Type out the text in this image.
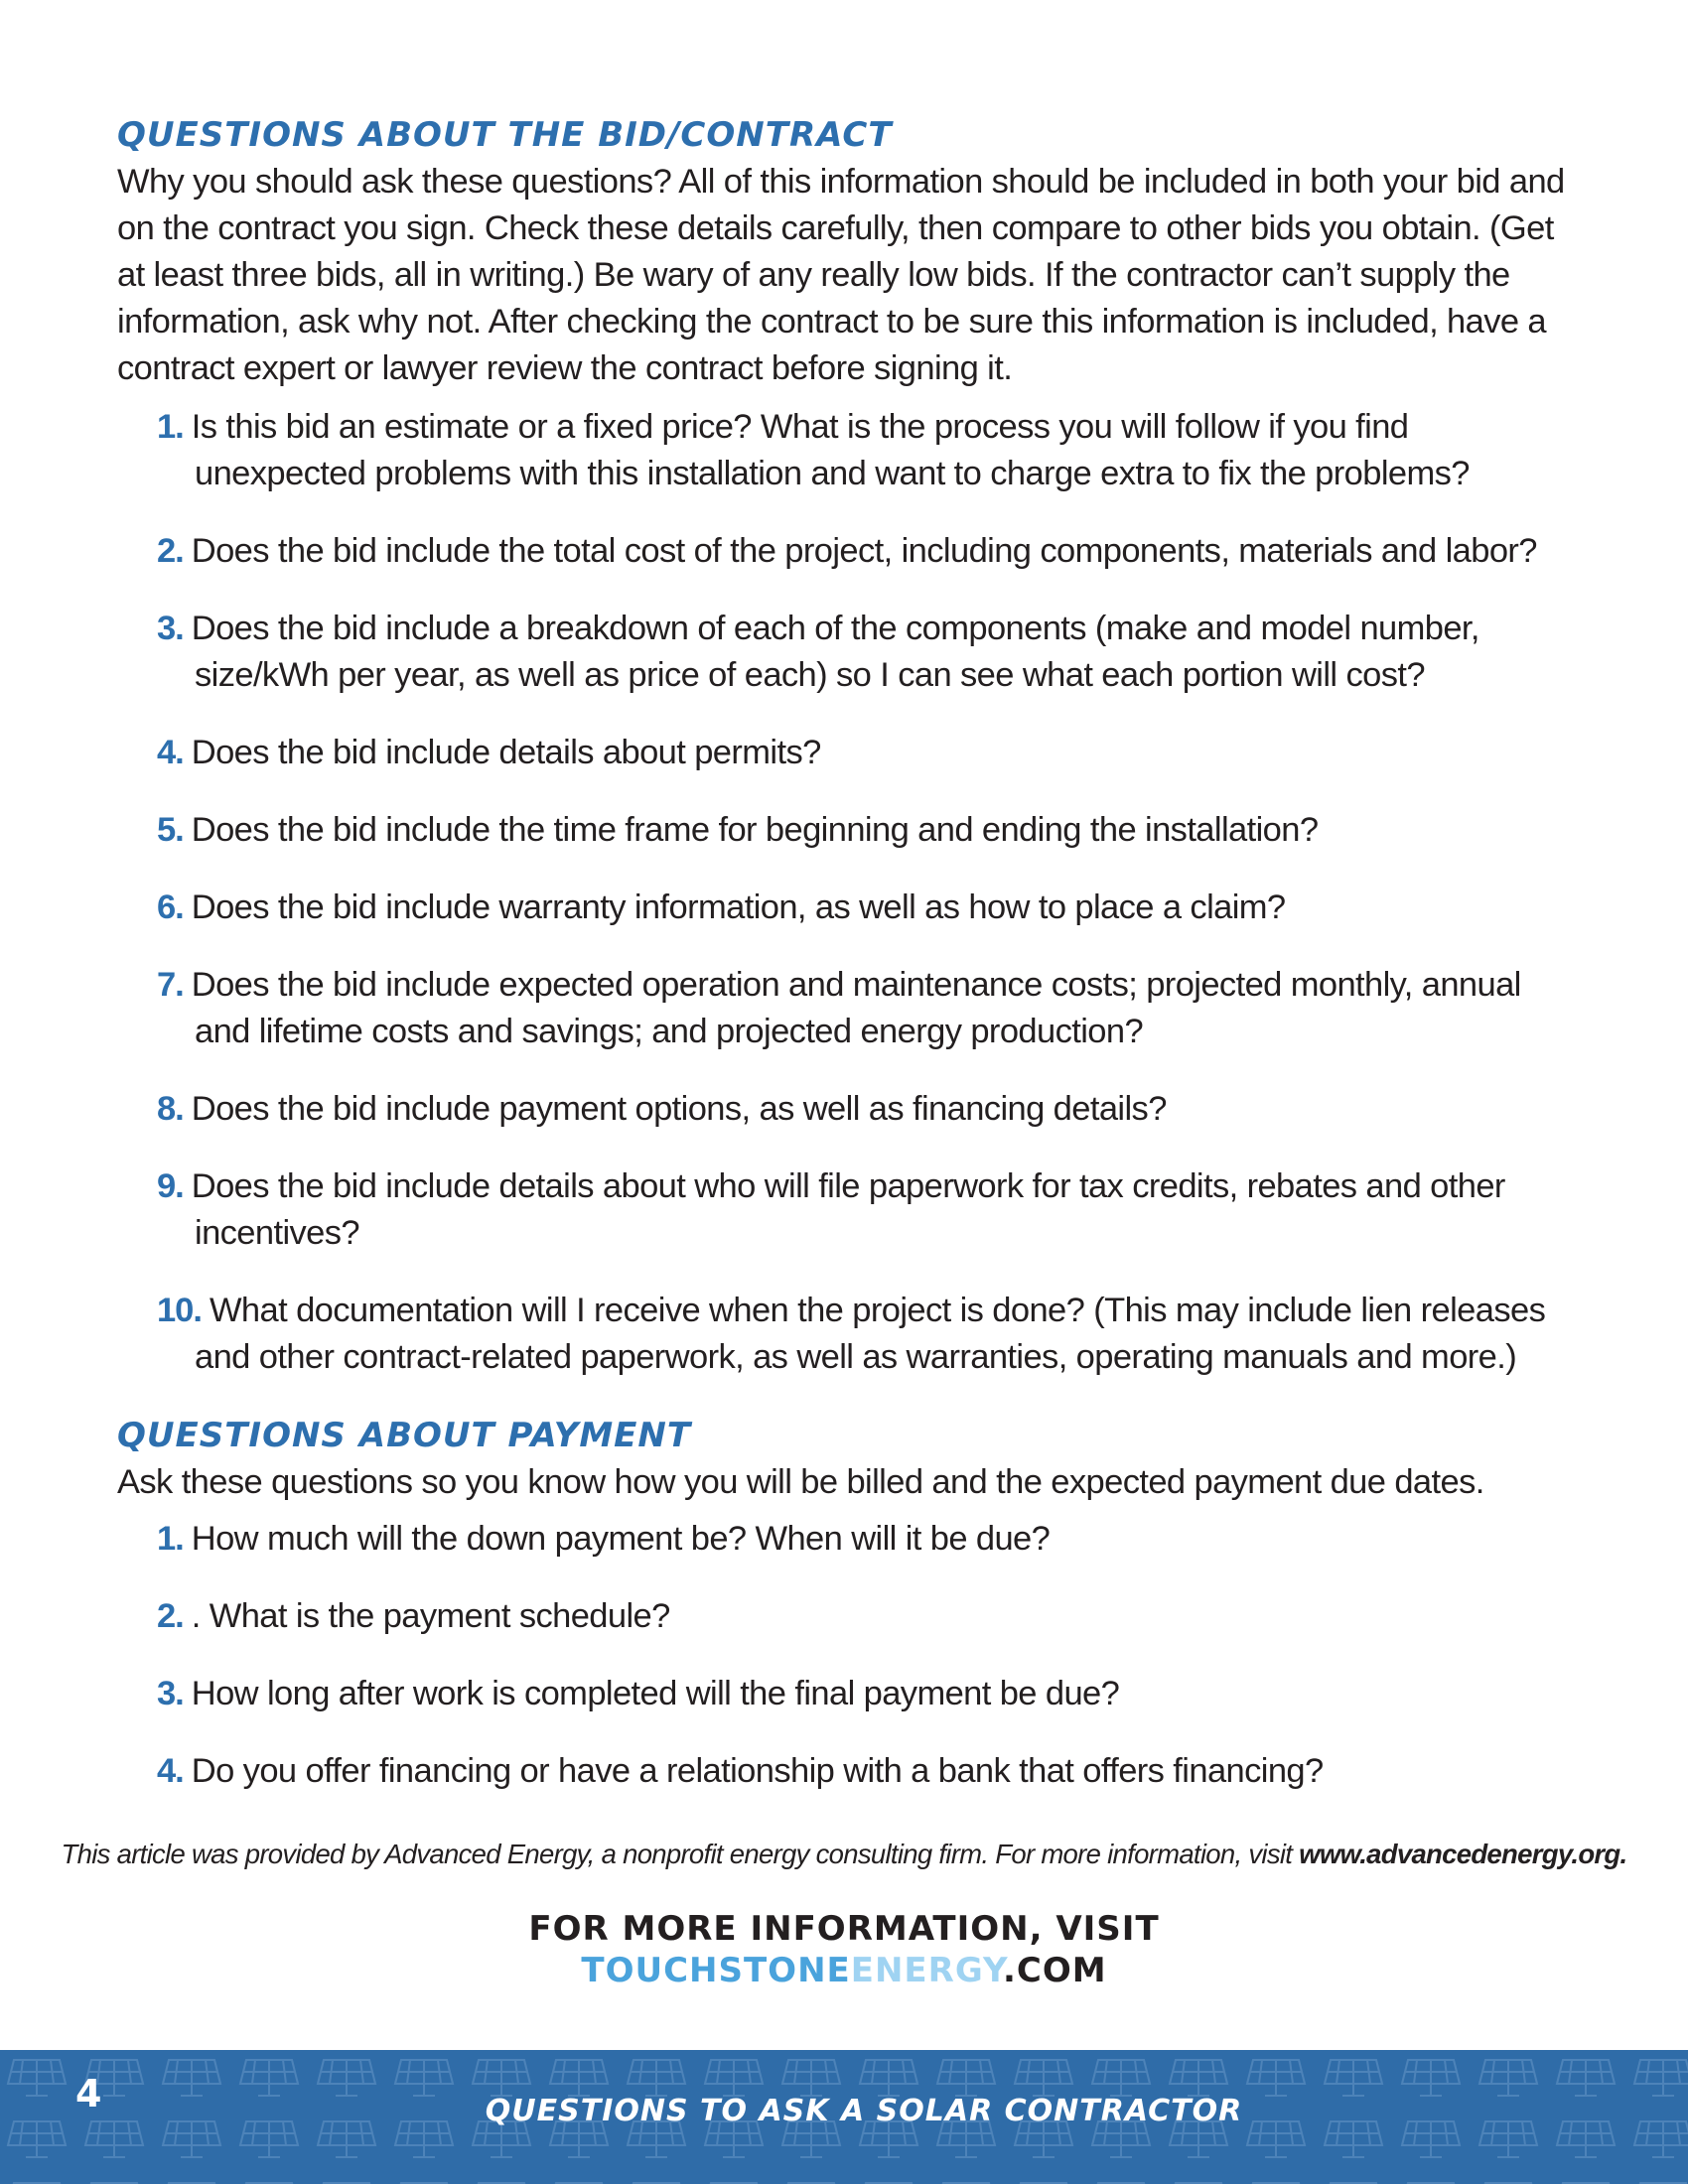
QUESTIONS ABOUT THE BID/CONTRACT

Why you should ask these questions? All of this information should be included in both your bid and on the contract you sign. Check these details carefully, then compare to other bids you obtain. (Get at least three bids, all in writing.) Be wary of any really low bids. If the contractor can’t supply the information, ask why not. After checking the contract to be sure this information is included, have a contract expert or lawyer review the contract before signing it.

1. Is this bid an estimate or a fixed price? What is the process you will follow if you find unexpected problems with this installation and want to charge extra to fix the problems?
2. Does the bid include the total cost of the project, including components, materials and labor?
3. Does the bid include a breakdown of each of the components (make and model number, size/kWh per year, as well as price of each) so I can see what each portion will cost?
4. Does the bid include details about permits?
5. Does the bid include the time frame for beginning and ending the installation?
6. Does the bid include warranty information, as well as how to place a claim?
7. Does the bid include expected operation and maintenance costs; projected monthly, annual and lifetime costs and savings; and projected energy production?
8. Does the bid include payment options, as well as financing details?
9. Does the bid include details about who will file paperwork for tax credits, rebates and other incentives?
10. What documentation will I receive when the project is done? (This may include lien releases and other contract-related paperwork, as well as warranties, operating manuals and more.)
QUESTIONS ABOUT PAYMENT

Ask these questions so you know how you will be billed and the expected payment due dates.

1. How much will the down payment be? When will it be due?
2. . What is the payment schedule?
3. How long after work is completed will the final payment be due?
4. Do you offer financing or have a relationship with a bank that offers financing?
This article was provided by Advanced Energy, a nonprofit energy consulting firm. For more information, visit www.advancedenergy.org.
FOR MORE INFORMATION, VISIT
TOUCHSTONEENERGY.COM
4	QUESTIONS TO ASK A SOLAR CONTRACTOR
